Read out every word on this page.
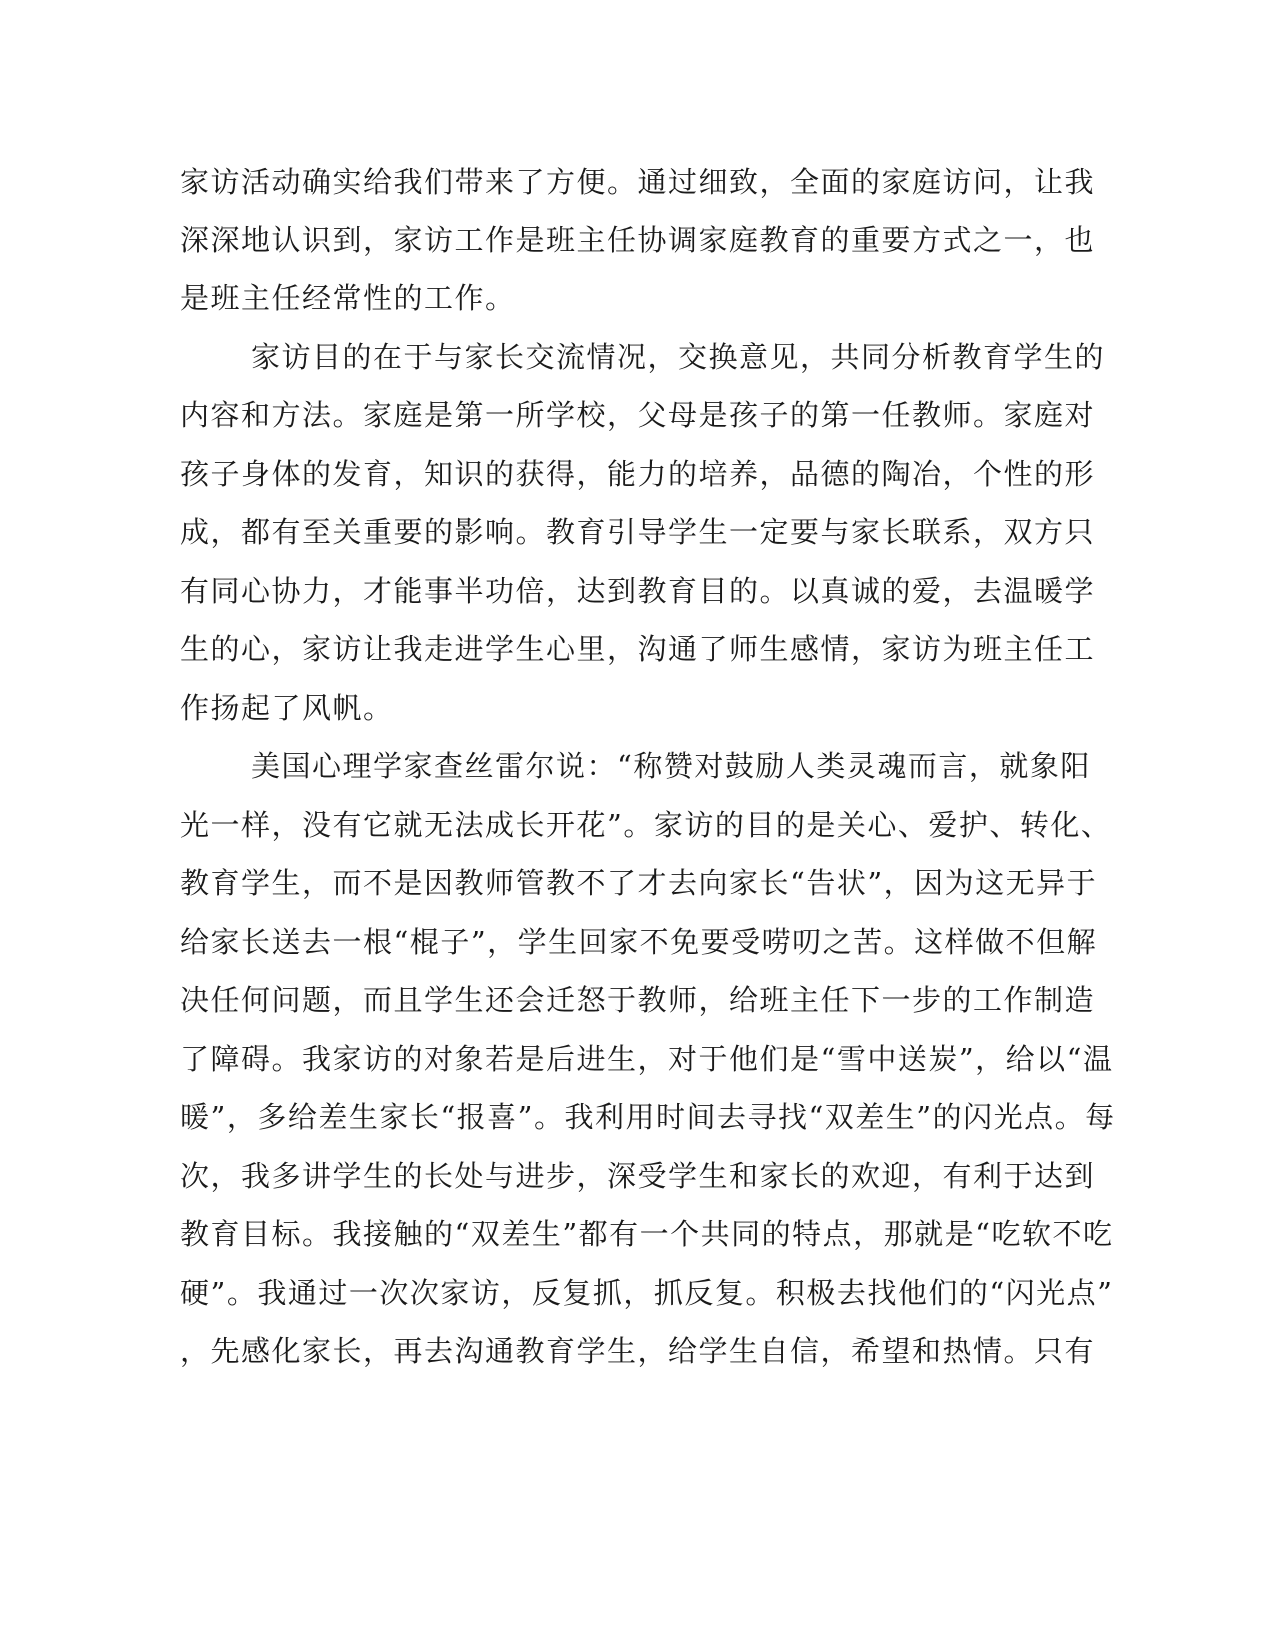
家访活动确实给我们带来了方便。通过细致，全面的家庭访问，让我
深深地认识到，家访工作是班主任协调家庭教育的重要方式之一，也
是班主任经常性的工作。
家访目的在于与家长交流情况，交换意见，共同分析教育学生的
内容和方法。家庭是第一所学校，父母是孩子的第一任教师。家庭对
孩子身体的发育，知识的获得，能力的培养，品德的陶冶，个性的形
成，都有至关重要的影响。教育引导学生一定要与家长联系，双方只
有同心协力，才能事半功倍，达到教育目的。以真诚的爱，去温暖学
生的心，家访让我走进学生心里，沟通了师生感情，家访为班主任工
作扬起了风帆。
美国心理学家查丝雷尔说：“称赞对鼓励人类灵魂而言，就象阳
光一样，没有它就无法成长开花”。家访的目的是关心、爱护、转化、
教育学生，而不是因教师管教不了才去向家长“告状”，因为这无异于
给家长送去一根“棍子”，学生回家不免要受唠叨之苦。这样做不但解
决任何问题，而且学生还会迁怒于教师，给班主任下一步的工作制造
了障碍。我家访的对象若是后进生，对于他们是“雪中送炭”，给以“温
暖”，多给差生家长“报喜”。我利用时间去寻找“双差生”的闪光点。每
次，我多讲学生的长处与进步，深受学生和家长的欢迎，有利于达到
教育目标。我接触的“双差生”都有一个共同的特点，那就是“吃软不吃
硬”。我通过一次次家访，反复抓，抓反复。积极去找他们的“闪光点”
，先感化家长，再去沟通教育学生，给学生自信，希望和热情。只有
